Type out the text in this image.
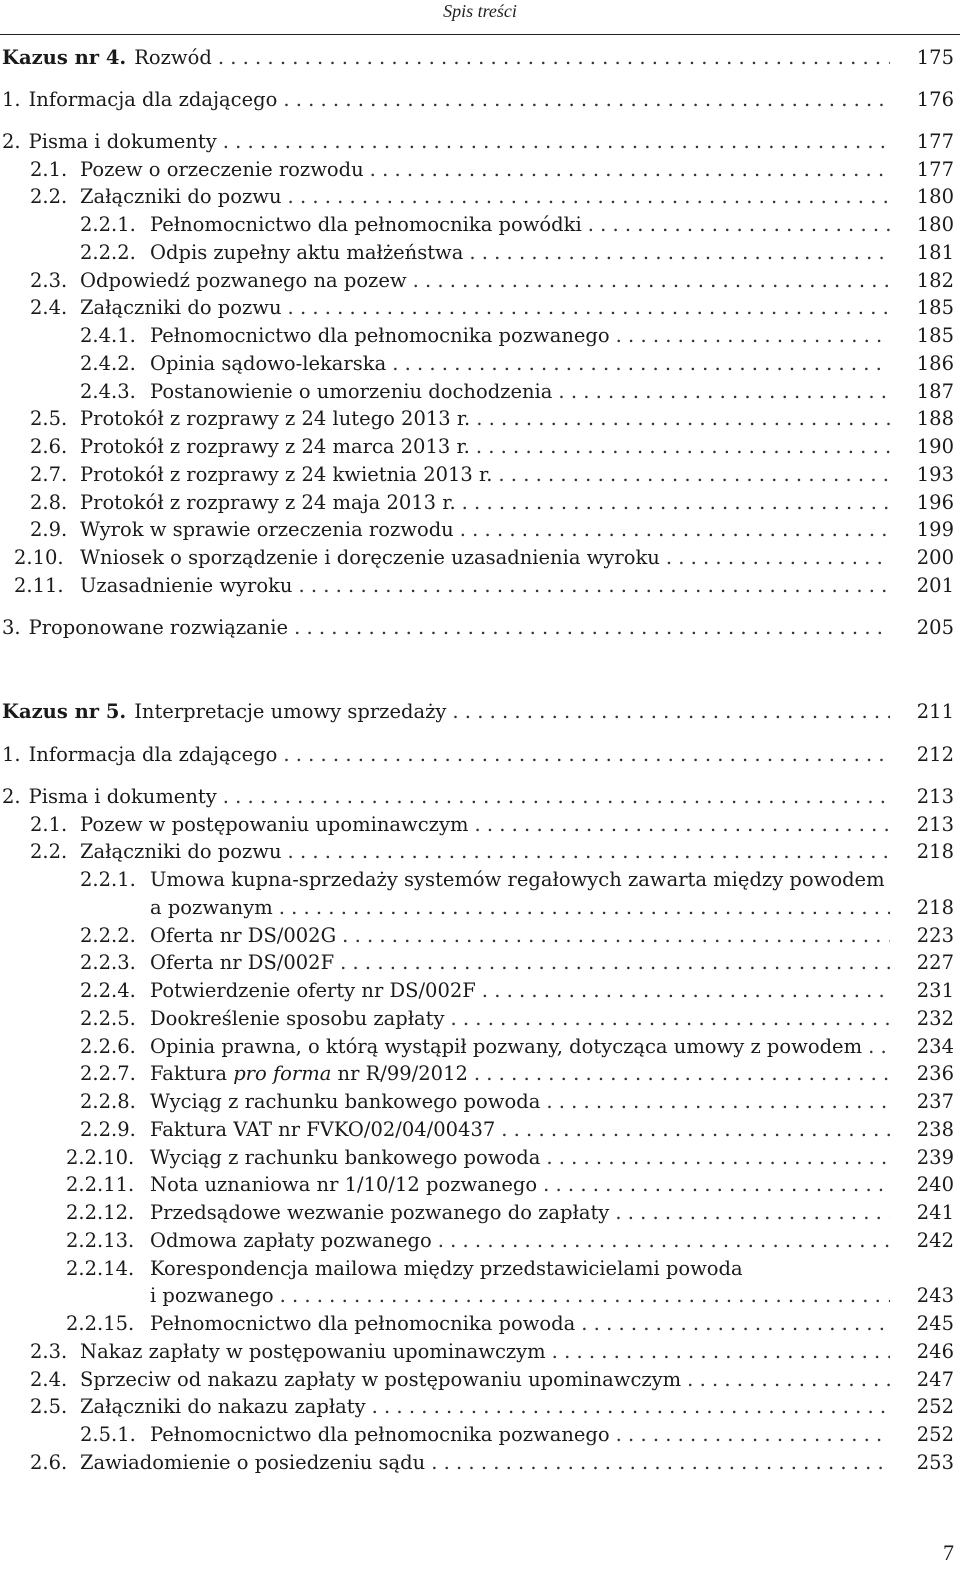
Spis treści
Kazus nr 4. Rozwód . . .	175
1. Informacja dla zdającego . . .	176
2. Pisma i dokumenty . . .	177
2.1. Pozew o orzeczenie rozwodu . . .	177
2.2. Załączniki do pozwu . . .	180
2.2.1. Pełnomocnictwo dla pełnomocnika powódki . . .	180
2.2.2. Odpis zupełny aktu małżeństwa . . .	181
2.3. Odpowiedź pozwanego na pozew . . .	182
2.4. Załączniki do pozwu . . .	185
2.4.1. Pełnomocnictwo dla pełnomocnika pozwanego . . .	185
2.4.2. Opinia sądowo-lekarska . . .	186
2.4.3. Postanowienie o umorzeniu dochodzenia . . .	187
2.5. Protokół z rozprawy z 24 lutego 2013 r. . . .	188
2.6. Protokół z rozprawy z 24 marca 2013 r. . . .	190
2.7. Protokół z rozprawy z 24 kwietnia 2013 r. . . .	193
2.8. Protokół z rozprawy z 24 maja 2013 r. . . .	196
2.9. Wyrok w sprawie orzeczenia rozwodu . . .	199
2.10. Wniosek o sporządzenie i doręczenie uzasadnienia wyroku . . .	200
2.11. Uzasadnienie wyroku . . .	201
3. Proponowane rozwiązanie . . .	205
Kazus nr 5. Interpretacje umowy sprzedaży . . .	211
1. Informacja dla zdającego . . .	212
2. Pisma i dokumenty . . .	213
2.1. Pozew w postępowaniu upominawczym . . .	213
2.2. Załączniki do pozwu . . .	218
2.2.1. Umowa kupna-sprzedaży systemów regałowych zawarta między powodem
a pozwanym . . .	218
2.2.2. Oferta nr DS/002G . . .	223
2.2.3. Oferta nr DS/002F . . .	227
2.2.4. Potwierdzenie oferty nr DS/002F . . .	231
2.2.5. Dookreślenie sposobu zapłaty . . .	232
2.2.6. Opinia prawna, o którą wystąpił pozwany, dotycząca umowy z powodem . . .	234
2.2.7. Faktura pro forma nr R/99/2012 . . .	236
2.2.8. Wyciąg z rachunku bankowego powoda . . .	237
2.2.9. Faktura VAT nr FVKO/02/04/00437 . . .	238
2.2.10. Wyciąg z rachunku bankowego powoda . . .	239
2.2.11. Nota uznaniowa nr 1/10/12 pozwanego . . .	240
2.2.12. Przedsądowe wezwanie pozwanego do zapłaty . . .	241
2.2.13. Odmowa zapłaty pozwanego . . .	242
2.2.14. Korespondencja mailowa między przedstawicielami powoda
i pozwanego . . .	243
2.2.15. Pełnomocnictwo dla pełnomocnika powoda . . .	245
2.3. Nakaz zapłaty w postępowaniu upominawczym . . .	246
2.4. Sprzeciw od nakazu zapłaty w postępowaniu upominawczym . . .	247
2.5. Załączniki do nakazu zapłaty . . .	252
2.5.1. Pełnomocnictwo dla pełnomocnika pozwanego . . .	252
2.6. Zawiadomienie o posiedzeniu sądu . . .	253
7
